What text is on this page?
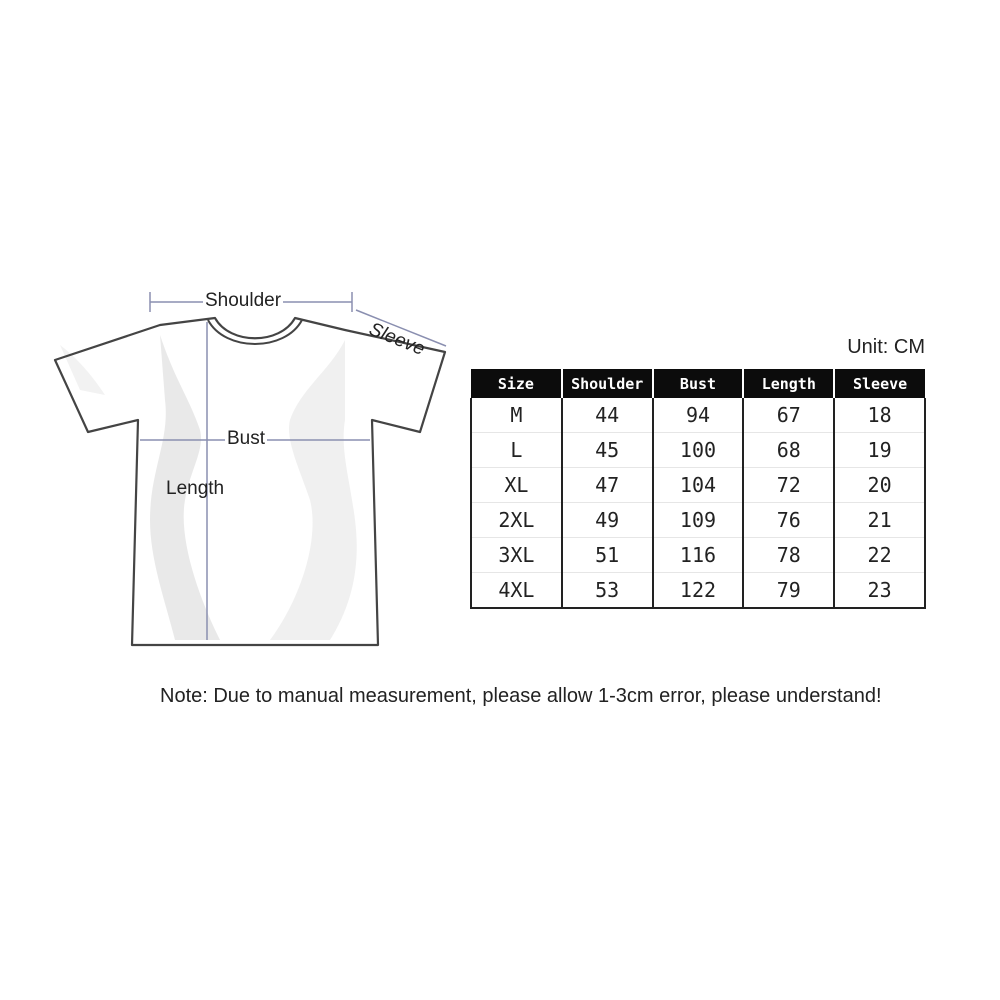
Shoulder
Sleeve
Bust
Length
Unit: CM
Size	Shoulder	Bust	Length	Sleeve
M	44	94	67	18
L	45	100	68	19
XL	47	104	72	20
2XL	49	109	76	21
3XL	51	116	78	22
4XL	53	122	79	23
Note: Due to manual measurement, please allow 1-3cm error, please understand!
